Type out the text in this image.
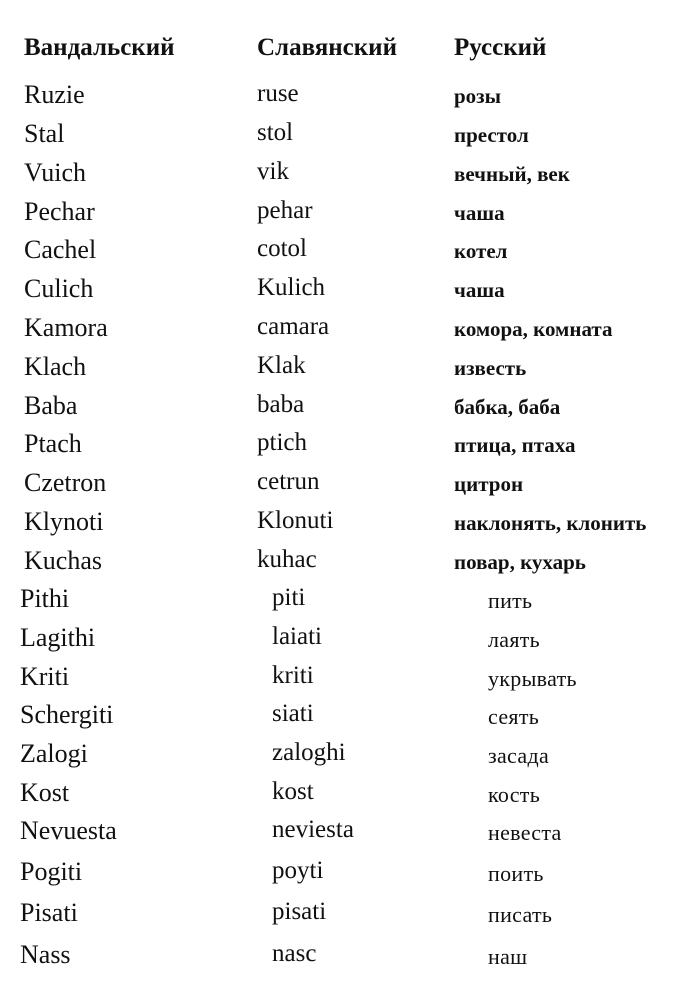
Вандальский	Славянский Русский
Ruzie	ruse	розы
Stal	stol	престол
Vuich	vik	вечный, век
Pechar	pehar	чаша
Cachel	cotol	котел
Culich	Kulich	чаша
Kamora	camara	комора, комната
Klach	Klak	известь
Baba	baba	бабка, баба
Ptach	ptich	птица, птаха
Czetron	cetrun	цитрон
Klynoti	Klonuti	наклонять, клонить
Kuchas	kuhac	повар, кухарь
Pithi	piti	пить
Lagithi	laiati	лаять
Kriti	kriti	укрывать
Schergiti	siati	сеять
Zalogi	zaloghi	засада
Kost	kost	кость
Nevuesta	neviesta	невеста
Pogiti	poyti	поить
Pisati	pisati	писать
Nass	nasc	наш
